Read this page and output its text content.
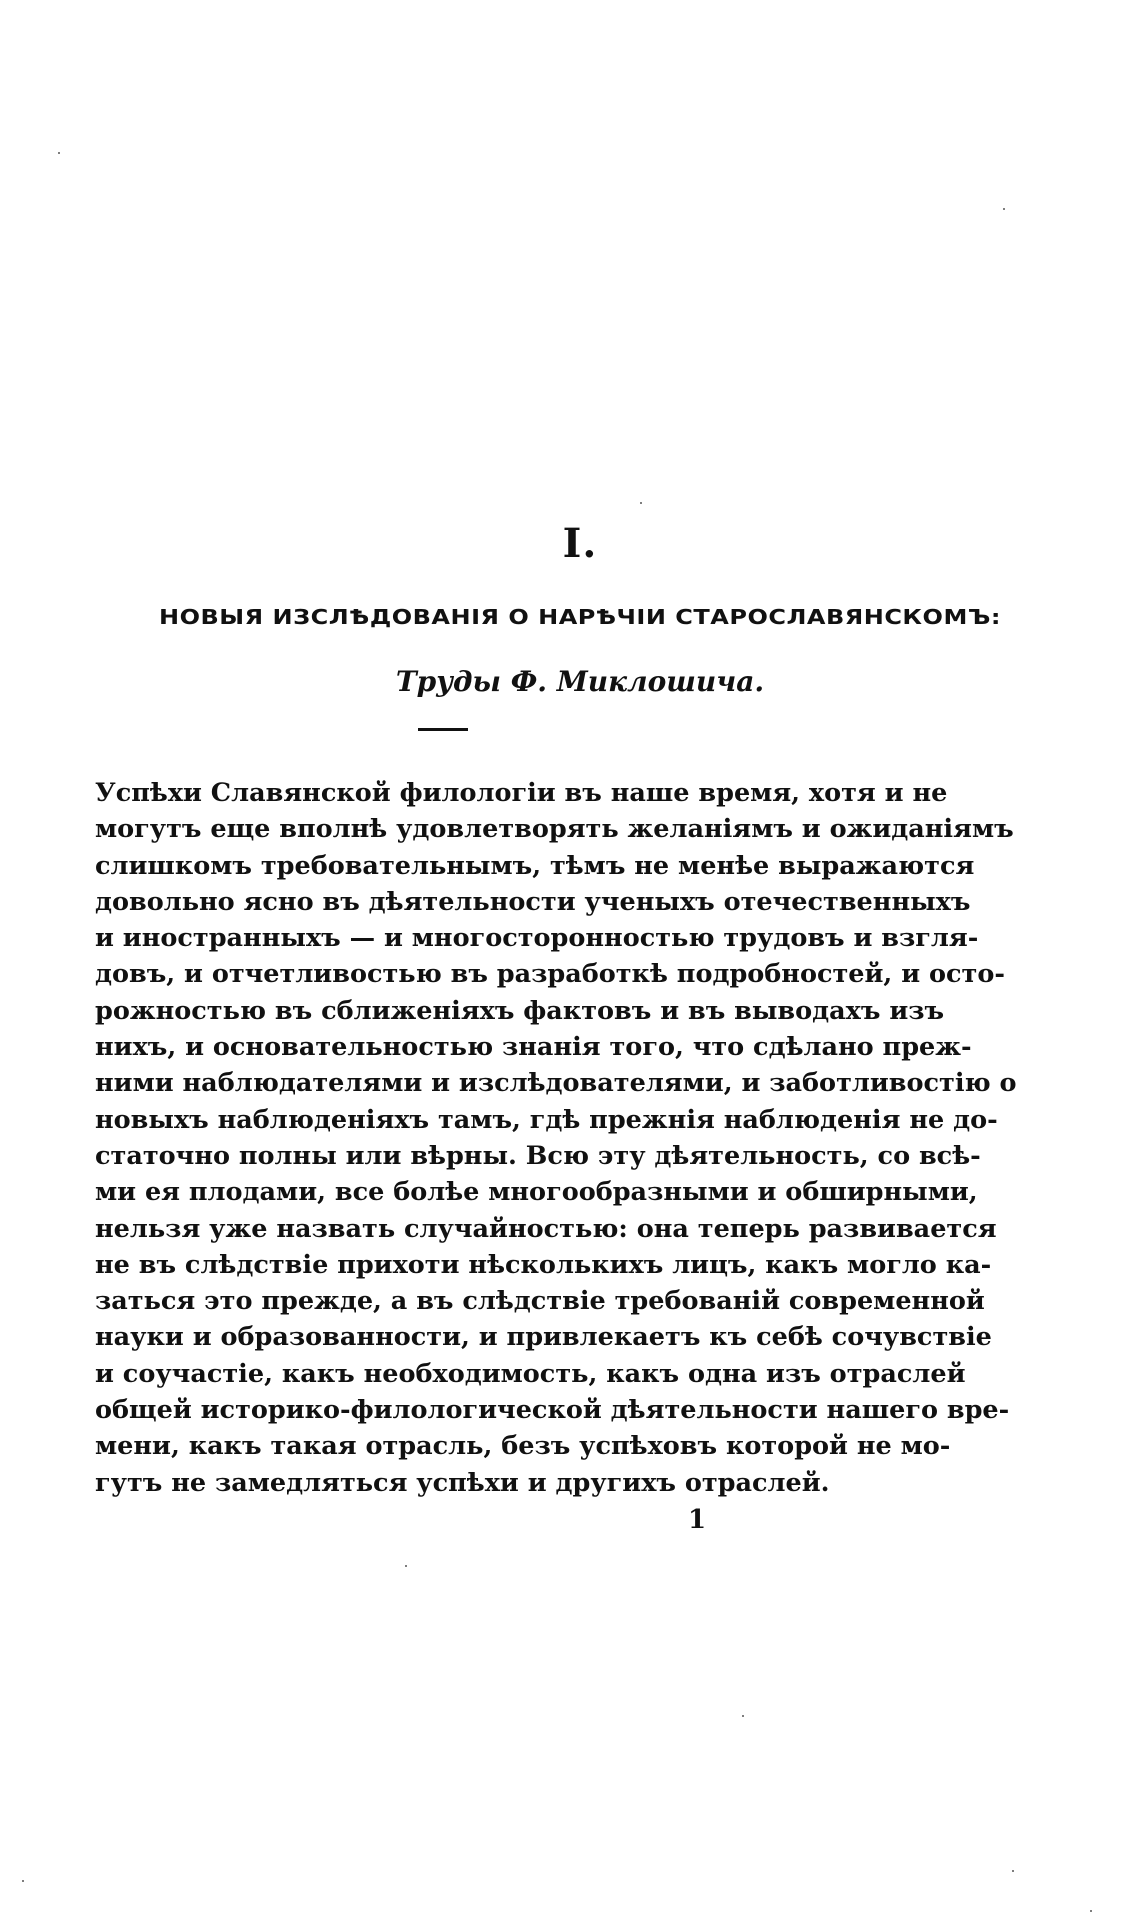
I.
НОВЫЯ ИЗСЛѢДОВАНІЯ О НАРѢЧІИ СТАРОСЛАВЯНСКОМЪ:
Труды Ф. Миклошича.
Успѣхи Славянской филологіи въ наше время, хотя и не
могутъ еще вполнѣ удовлетворять желаніямъ и ожиданіямъ
слишкомъ требовательнымъ, тѣмъ не менѣе выражаются
довольно ясно въ дѣятельности ученыхъ отечественныхъ
и иностранныхъ — и многосторонностью трудовъ и взгля-
довъ, и отчетливостью въ разработкѣ подробностей, и осто-
рожностью въ сближеніяхъ фактовъ и въ выводахъ изъ
нихъ, и основательностью знанія того, что сдѣлано преж-
ними наблюдателями и изслѣдователями, и заботливостію о
новыхъ наблюденіяхъ тамъ, гдѣ прежнія наблюденія не до-
статочно полны или вѣрны. Всю эту дѣятельность, со всѣ-
ми ея плодами, все болѣе многообразными и обширными,
нельзя уже назвать случайностью: она теперь развивается
не въ слѣдствіе прихоти нѣсколькихъ лицъ, какъ могло ка-
заться это прежде, а въ слѣдствіе требованій современной
науки и образованности, и привлекаетъ къ себѣ сочувствіе
и соучастіе, какъ необходимость, какъ одна изъ отраслей
общей историко-филологической дѣятельности нашего вре-
мени, какъ такая отрасль, безъ успѣховъ которой не мо-
гутъ не замедляться успѣхи и другихъ отраслей.
1
